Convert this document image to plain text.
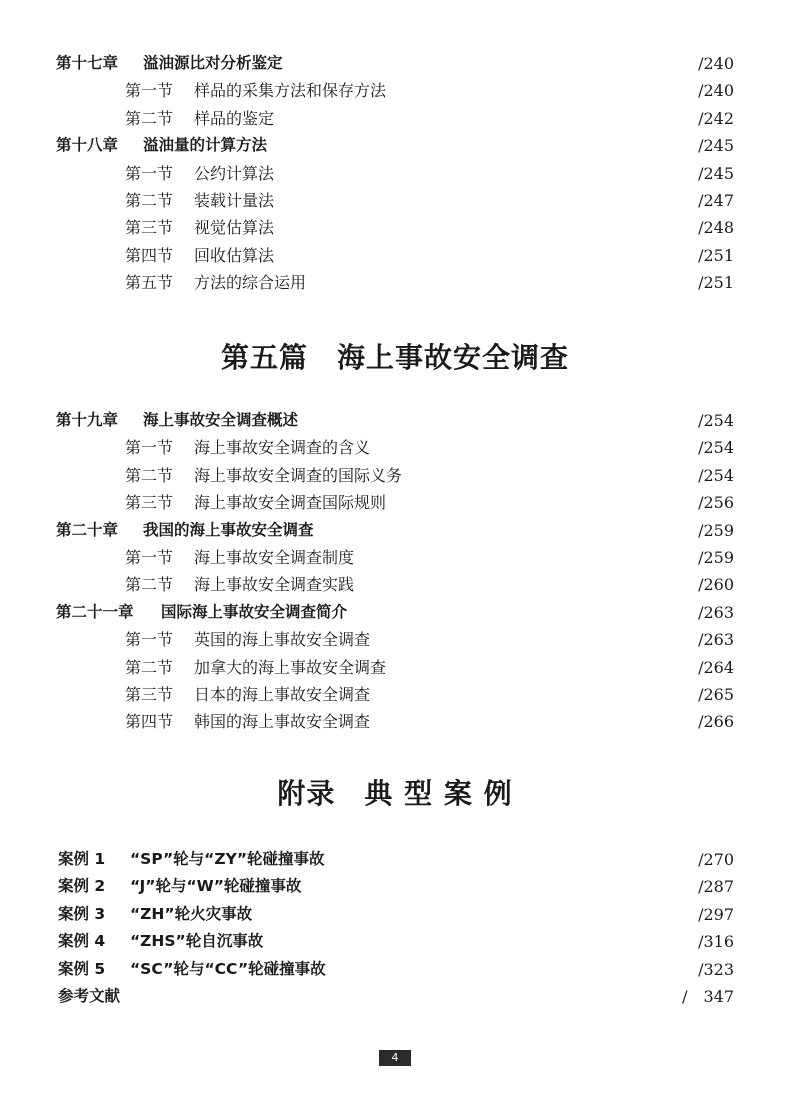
第十七章 溢油源比对分析鉴定	/240
第一节 样品的采集方法和保存方法	/240
第二节 样品的鉴定	/242
第十八章 溢油量的计算方法	/245
第一节 公约计算法	/245
第二节 装载计量法	/247
第三节 视觉估算法	/248
第四节 回收估算法	/251
第五节 方法的综合运用	/251
第五篇　海上事故安全调查
第十九章 海上事故安全调查概述	/254
第一节 海上事故安全调查的含义	/254
第二节 海上事故安全调查的国际义务	/254
第三节 海上事故安全调查国际规则	/256
第二十章 我国的海上事故安全调查	/259
第一节 海上事故安全调查制度	/259
第二节 海上事故安全调查实践	/260
第二十一章 国际海上事故安全调查简介	/263
第一节 英国的海上事故安全调查	/263
第二节 加拿大的海上事故安全调查	/264
第三节 日本的海上事故安全调查	/265
第四节 韩国的海上事故安全调查	/266
附录　典 型 案 例
案例 1 “SP”轮与“ZY”轮碰撞事故	/270
案例 2 “J”轮与“W”轮碰撞事故	/287
案例 3 “ZH”轮火灾事故	/297
案例 4 “ZHS”轮自沉事故	/316
案例 5 “SC”轮与“CC”轮碰撞事故	/323
参考文献	/　347
4
